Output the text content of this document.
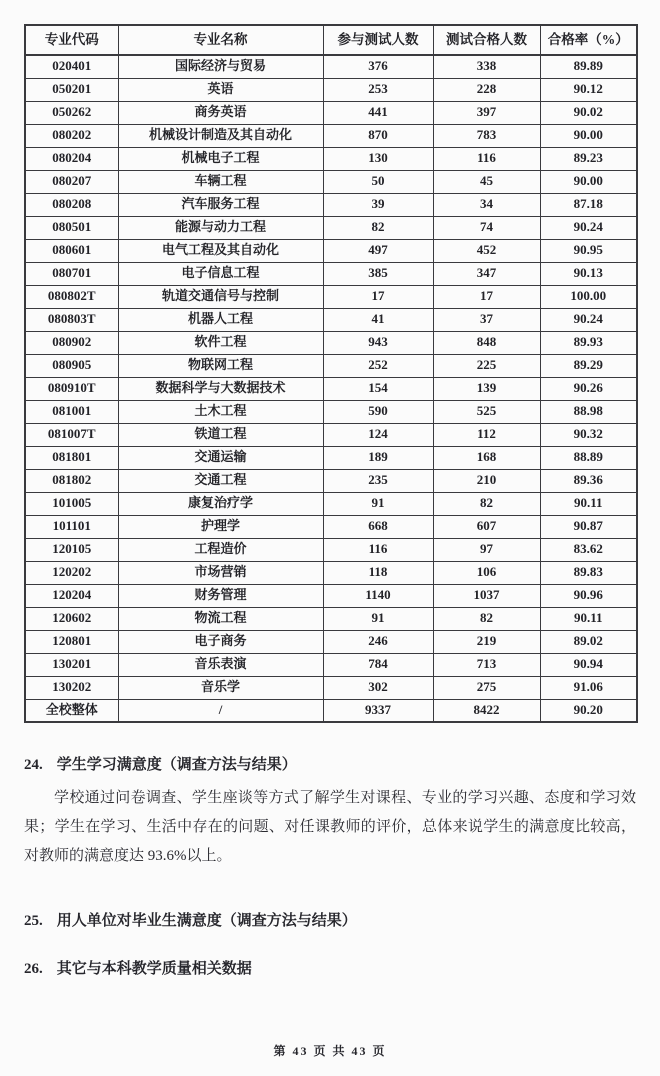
专业代码	专业名称	参与测试人数	测试合格人数	合格率（%）
020401	国际经济与贸易	376	338	89.89
050201	英语	253	228	90.12
050262	商务英语	441	397	90.02
080202	机械设计制造及其自动化	870	783	90.00
080204	机械电子工程	130	116	89.23
080207	车辆工程	50	45	90.00
080208	汽车服务工程	39	34	87.18
080501	能源与动力工程	82	74	90.24
080601	电气工程及其自动化	497	452	90.95
080701	电子信息工程	385	347	90.13
080802T	轨道交通信号与控制	17	17	100.00
080803T	机器人工程	41	37	90.24
080902	软件工程	943	848	89.93
080905	物联网工程	252	225	89.29
080910T	数据科学与大数据技术	154	139	90.26
081001	土木工程	590	525	88.98
081007T	铁道工程	124	112	90.32
081801	交通运输	189	168	88.89
081802	交通工程	235	210	89.36
101005	康复治疗学	91	82	90.11
101101	护理学	668	607	90.87
120105	工程造价	116	97	83.62
120202	市场营销	118	106	89.83
120204	财务管理	1140	1037	90.96
120602	物流工程	91	82	90.11
120801	电子商务	246	219	89.02
130201	音乐表演	784	713	90.94
130202	音乐学	302	275	91.06
全校整体	/	9337	8422	90.20
24. 学生学习满意度（调查方法与结果）

学校通过问卷调查、学生座谈等方式了解学生对课程、专业的学习兴趣、态度和学习效果；学生在学习、生活中存在的问题、对任课教师的评价，总体来说学生的满意度比较高，对教师的满意度达 93.6%以上。

25. 用人单位对毕业生满意度（调查方法与结果）
26. 其它与本科教学质量相关数据
第 43 页 共 43 页
